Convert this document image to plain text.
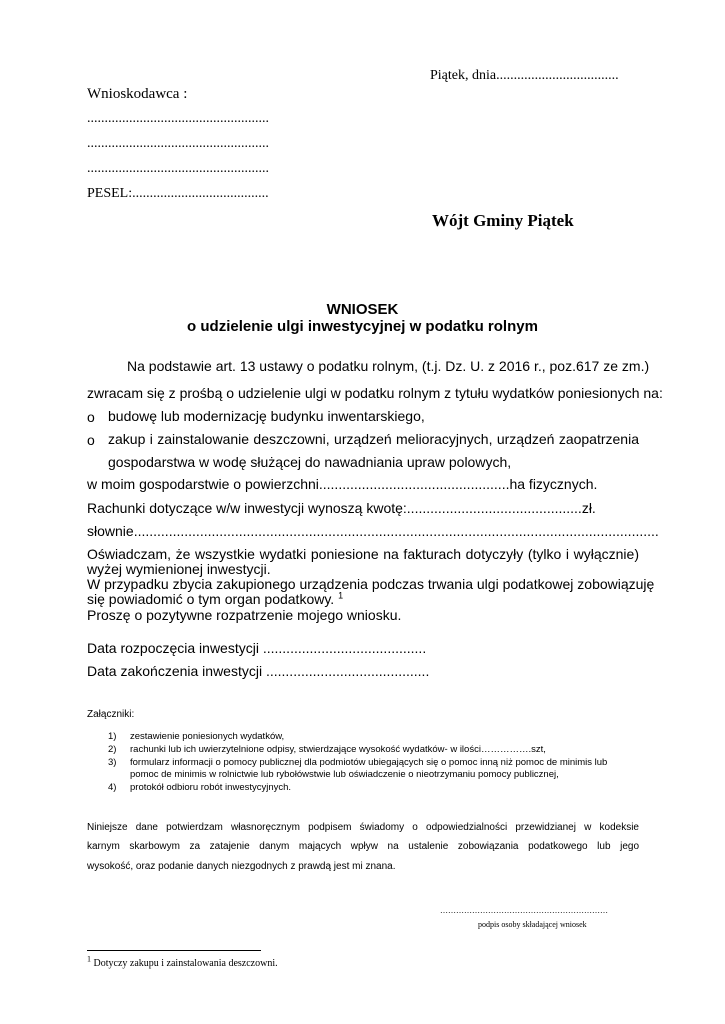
Piątek, dnia...................................
Wnioskodawca :
....................................................
....................................................
....................................................
PESEL:.......................................
Wójt Gminy Piątek
WNIOSEK
o udzielenie ulgi inwestycyjnej w podatku rolnym
Na podstawie art. 13 ustawy o podatku rolnym, (t.j. Dz. U. z 2016 r., poz.617 ze zm.)
zwracam się z prośbą o udzielenie ulgi w podatku rolnym z tytułu wydatków poniesionych na:
o budowę lub modernizację budynku inwentarskiego,
o zakup i zainstalowanie deszczowni, urządzeń melioracyjnych, urządzeń zaopatrzenia
gospodarstwa w wodę służącej do nawadniania upraw polowych,
w moim gospodarstwie o powierzchni.................................................ha fizycznych.
Rachunki dotyczące w/w inwestycji wynoszą kwotę:.............................................zł.
słownie.......................................................................................................................................
Oświadczam, że wszystkie wydatki poniesione na fakturach dotyczyły (tylko i wyłącznie)
wyżej wymienionej inwestycji.
W przypadku zbycia zakupionego urządzenia podczas trwania ulgi podatkowej zobowiązuję
się powiadomić o tym organ podatkowy. $^1$
Proszę o pozytywne rozpatrzenie mojego wniosku.
Data rozpoczęcia inwestycji ..........................................
Data zakończenia inwestycji ..........................................
Załączniki:
1) zestawienie poniesionych wydatków,
2) rachunki lub ich uwierzytelnione odpisy, stwierdzające wysokość wydatków- w ilości…………….szt,
3) formularz informacji o pomocy publicznej dla podmiotów ubiegających się o pomoc inną niż pomoc de minimis lub
pomoc de minimis w rolnictwie lub rybołówstwie lub oświadczenie o nieotrzymaniu pomocy publicznej,
4) protokół odbioru robót inwestycyjnych.
Niniejsze dane potwierdzam własnoręcznym podpisem świadomy o odpowiedzialności przewidzianej w kodeksie
karnym skarbowym za zatajenie danym mających wpływ na ustalenie zobowiązania podatkowego lub jego
wysokość, oraz podanie danych niezgodnych z prawdą jest mi znana.
………………………………………………………
podpis osoby składającej wniosek
$^1$ Dotyczy zakupu i zainstalowania deszczowni.
